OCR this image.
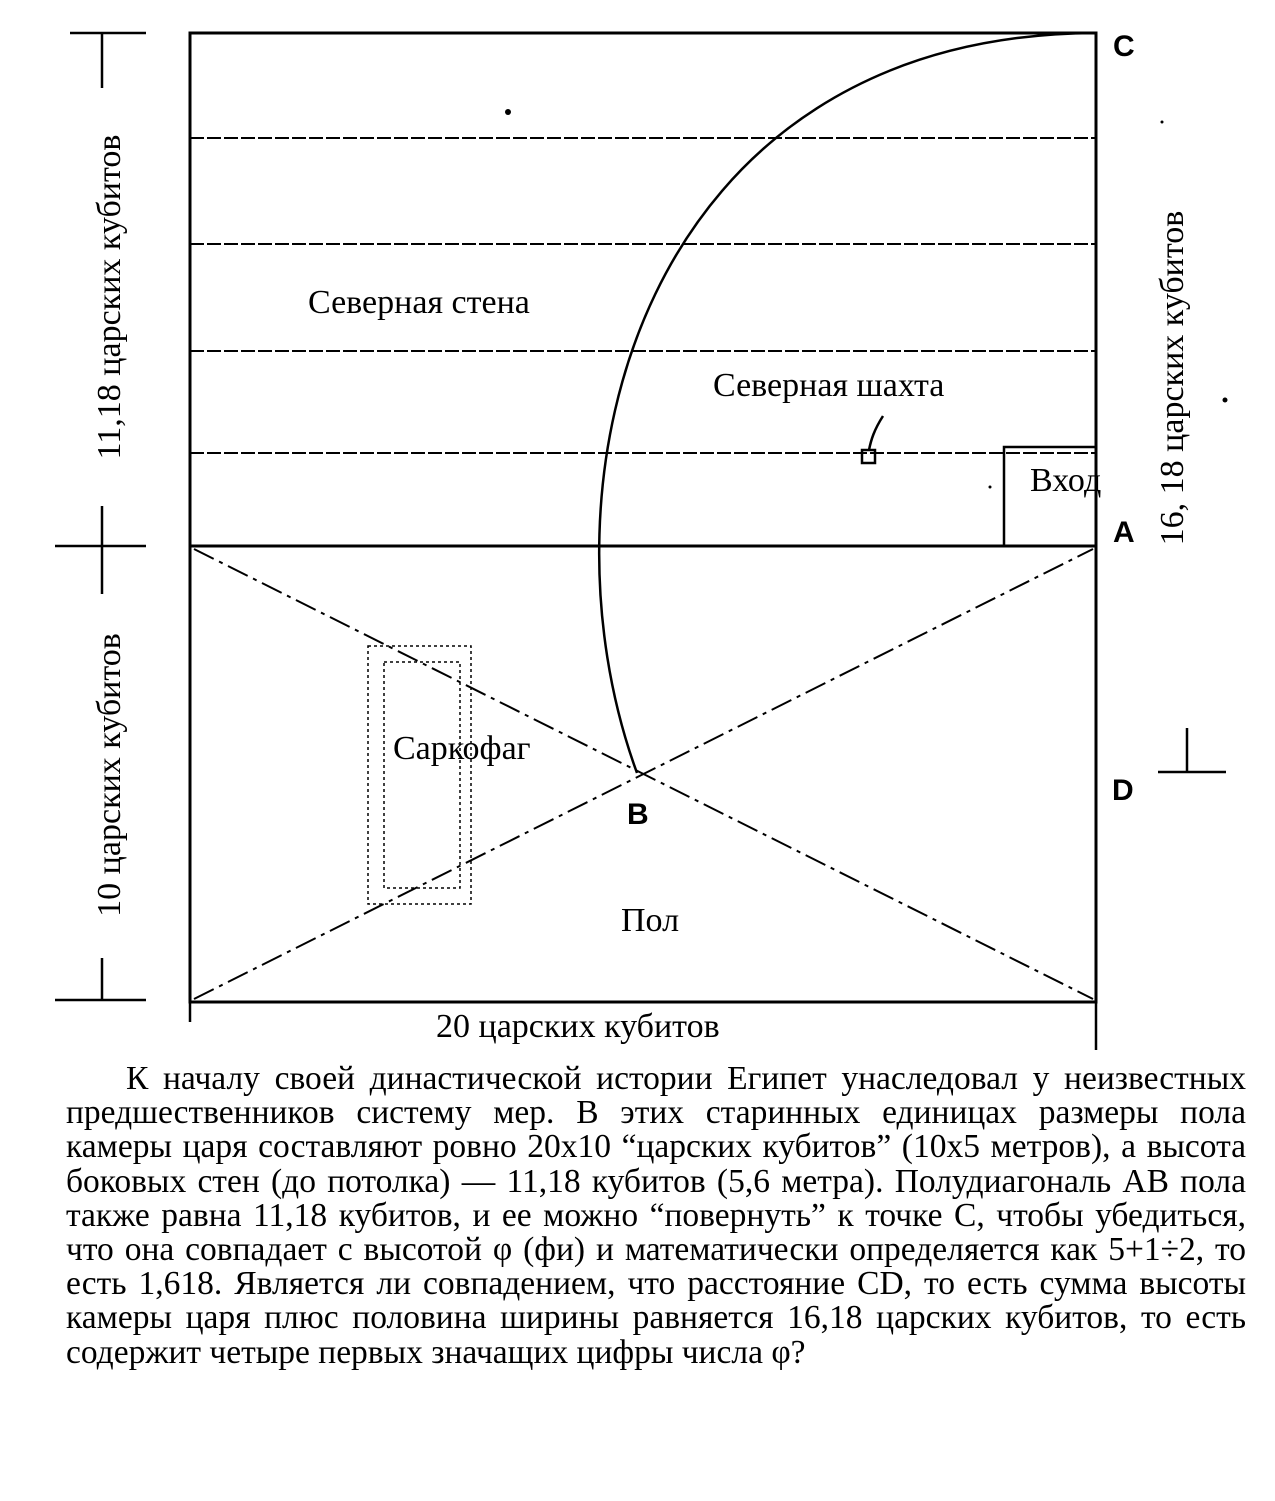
Северная стена
Северная шахта
Вход
Саркофаг
Пол
20 царских кубитов
11,18 царских кубитов
10 царских кубитов
16, 18 царских кубитов
C
A
D
B

К началу своей династической истории Египет унаследовал у неизвестных предшественников систему мер. В этих старинных единицах размеры пола камеры царя составляют ровно 20x10 “царских кубитов” (10x5 метров), а высота боковых стен (до потолка) — 11,18 кубитов (5,6 метра). Полудиагональ AB пола также равна 11,18 кубитов, и ее можно “повернуть” к точке C, чтобы убедиться, что она совпадает с высотой φ (фи) и математически определяется как 5+1÷2, то есть 1,618. Является ли совпадением, что расстояние CD, то есть сумма высоты камеры царя плюс половина ширины равняется 16,18 царских кубитов, то есть содержит четыре первых значащих цифры числа φ?
